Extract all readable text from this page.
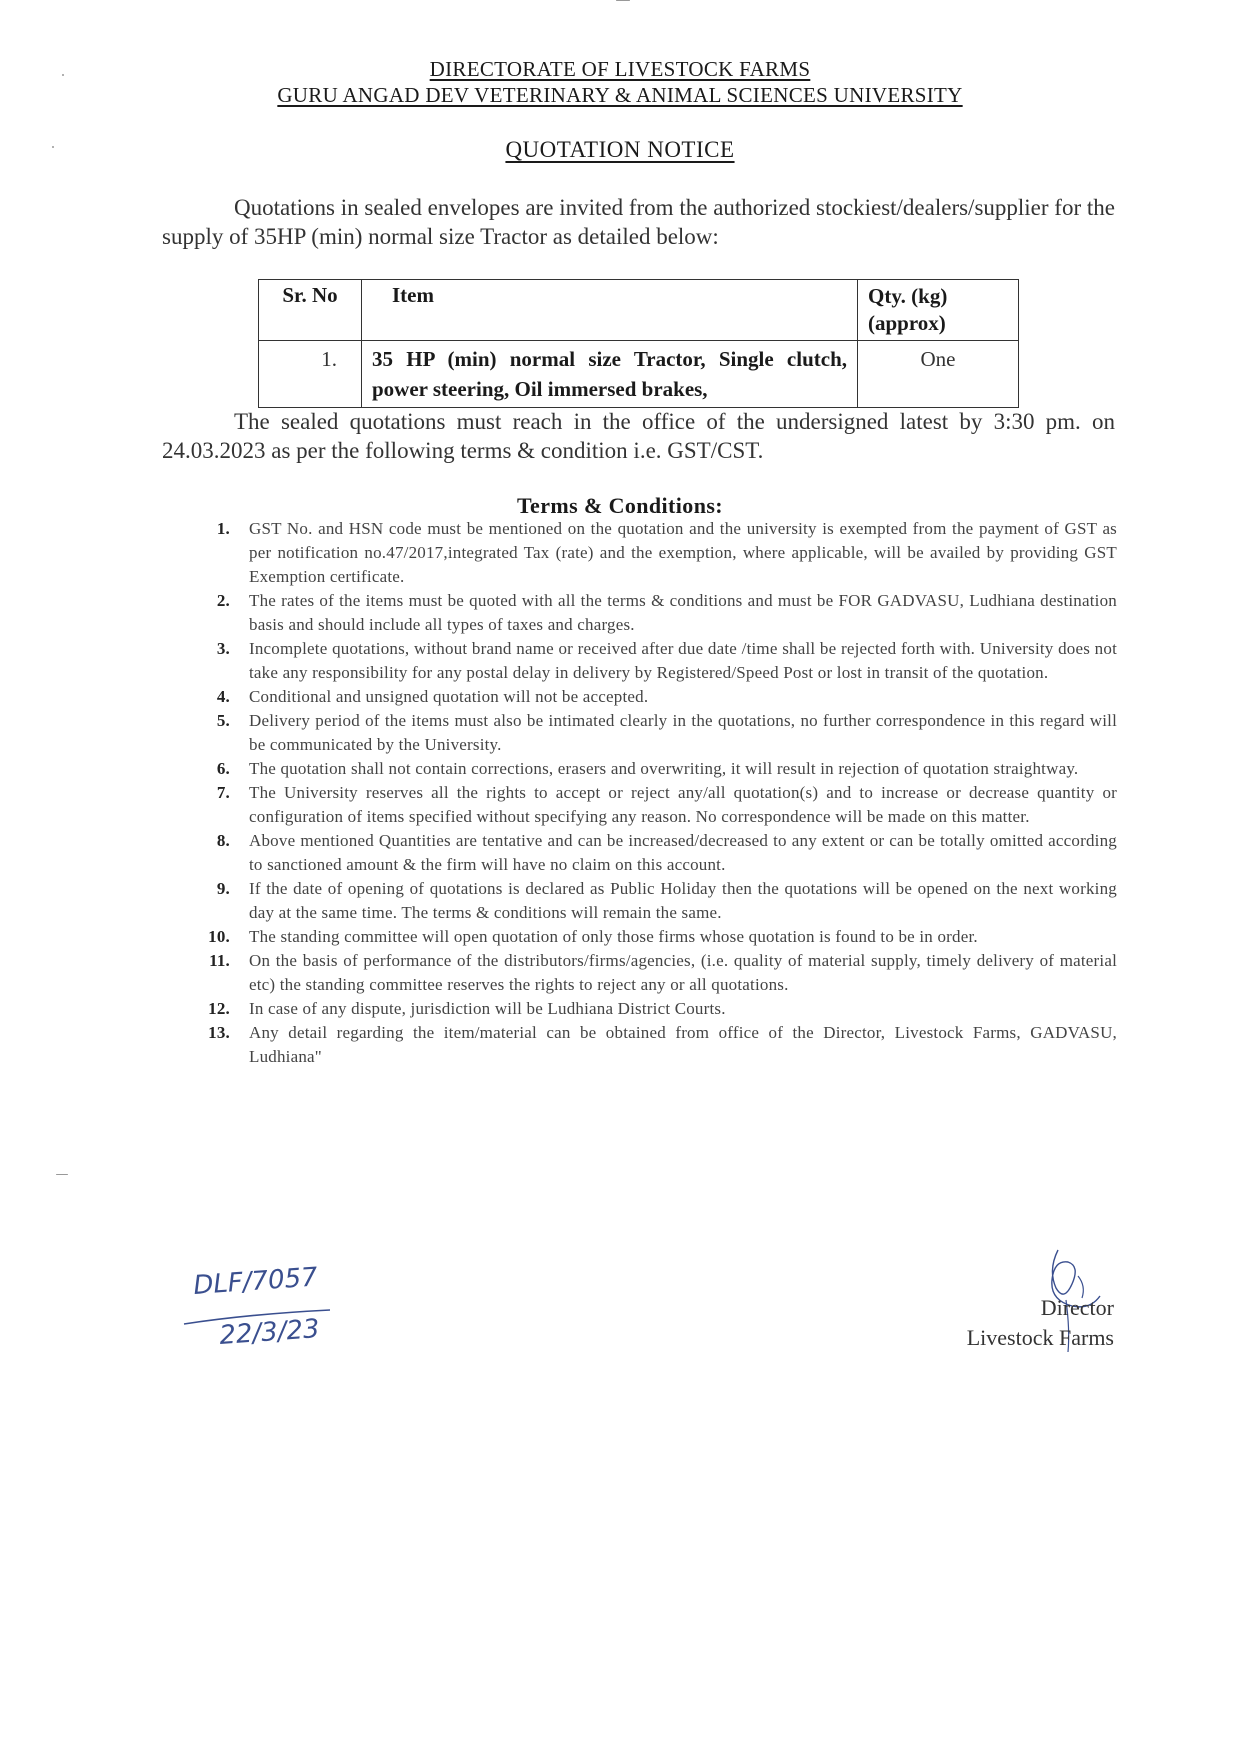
DIRECTORATE OF LIVESTOCK FARMS
GURU ANGAD DEV VETERINARY & ANIMAL SCIENCES UNIVERSITY
QUOTATION NOTICE
Quotations in sealed envelopes are invited from the authorized stockiest/dealers/supplier for the supply of 35HP (min) normal size Tractor as detailed below:
Sr. No	Item	Qty. (kg) (approx)
1.	35 HP (min) normal size Tractor, Single clutch, power steering, Oil immersed brakes,	One
The sealed quotations must reach in the office of the undersigned latest by 3:30 pm. on 24.03.2023 as per the following terms & condition i.e. GST/CST.
Terms & Conditions:
1. GST No. and HSN code must be mentioned on the quotation and the university is exempted from the payment of GST as per notification no.47/2017,integrated Tax (rate) and the exemption, where applicable, will be availed by providing GST Exemption certificate.
2. The rates of the items must be quoted with all the terms & conditions and must be FOR GADVASU, Ludhiana destination basis and should include all types of taxes and charges.
3. Incomplete quotations, without brand name or received after due date /time shall be rejected forth with. University does not take any responsibility for any postal delay in delivery by Registered/Speed Post or lost in transit of the quotation.
4. Conditional and unsigned quotation will not be accepted.
5. Delivery period of the items must also be intimated clearly in the quotations, no further correspondence in this regard will be communicated by the University.
6. The quotation shall not contain corrections, erasers and overwriting, it will result in rejection of quotation straightway.
7. The University reserves all the rights to accept or reject any/all quotation(s) and to increase or decrease quantity or configuration of items specified without specifying any reason. No correspondence will be made on this matter.
8. Above mentioned Quantities are tentative and can be increased/decreased to any extent or can be totally omitted according to sanctioned amount & the firm will have no claim on this account.
9. If the date of opening of quotations is declared as Public Holiday then the quotations will be opened on the next working day at the same time. The terms & conditions will remain the same.
10. The standing committee will open quotation of only those firms whose quotation is found to be in order.
11. On the basis of performance of the distributors/firms/agencies, (i.e. quality of material supply, timely delivery of material etc) the standing committee reserves the rights to reject any or all quotations.
12. In case of any dispute, jurisdiction will be Ludhiana District Courts.
13. Any detail regarding the item/material can be obtained from office of the Director, Livestock Farms, GADVASU, Ludhiana"
DLF/7057
22/3/23
Director
Livestock Farms
